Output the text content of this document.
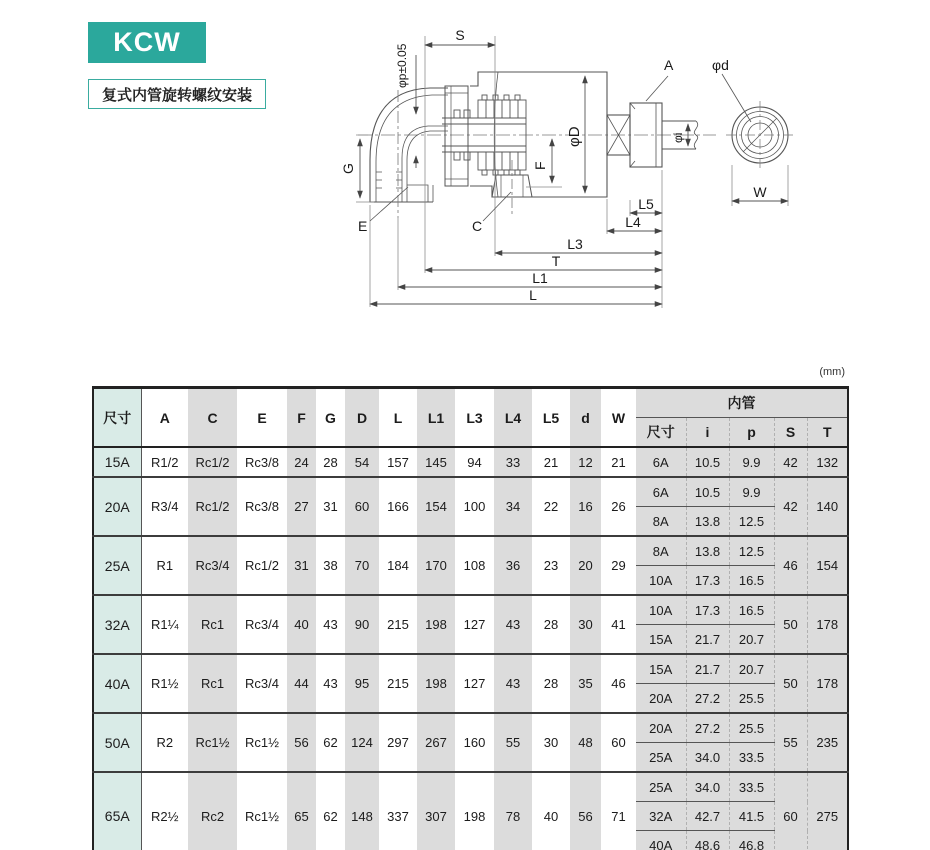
KCW
复式内管旋转螺纹安装
S
φp±0.05	A	φd
φD	φi
F
G
E	C
W
L5
L4
L3
T
L1
L
(mm)
尺寸	A	C	E	F	G	D	L	L1	L3	L4	L5	d	W	内管				
														尺寸	i	p	S	T
15A	R1/2	Rc1/2	Rc3/8	24	28	54	157	145	94	33	21	12	21	6A	10.5	9.9	42	132
20A	R3/4	Rc1/2	Rc3/8	27	31	60	166	154	100	34	22	16	26	6A	10.5	9.9	42	140
														8A	13.8	12.5		
25A	R1	Rc3/4	Rc1/2	31	38	70	184	170	108	36	23	20	29	8A	13.8	12.5	46	154
														10A	17.3	16.5		
32A	R1¼	Rc1	Rc3/4	40	43	90	215	198	127	43	28	30	41	10A	17.3	16.5	50	178
														15A	21.7	20.7		
40A	R1½	Rc1	Rc3/4	44	43	95	215	198	127	43	28	35	46	15A	21.7	20.7	50	178
														20A	27.2	25.5		
50A	R2	Rc1½	Rc1½	56	62	124	297	267	160	55	30	48	60	20A	27.2	25.5	55	235
														25A	34.0	33.5		
65A	R2½	Rc2	Rc1½	65	62	148	337	307	198	78	40	56	71	25A	34.0	33.5	60	275
														32A	42.7	41.5		
														40A	48.6	46.8		
